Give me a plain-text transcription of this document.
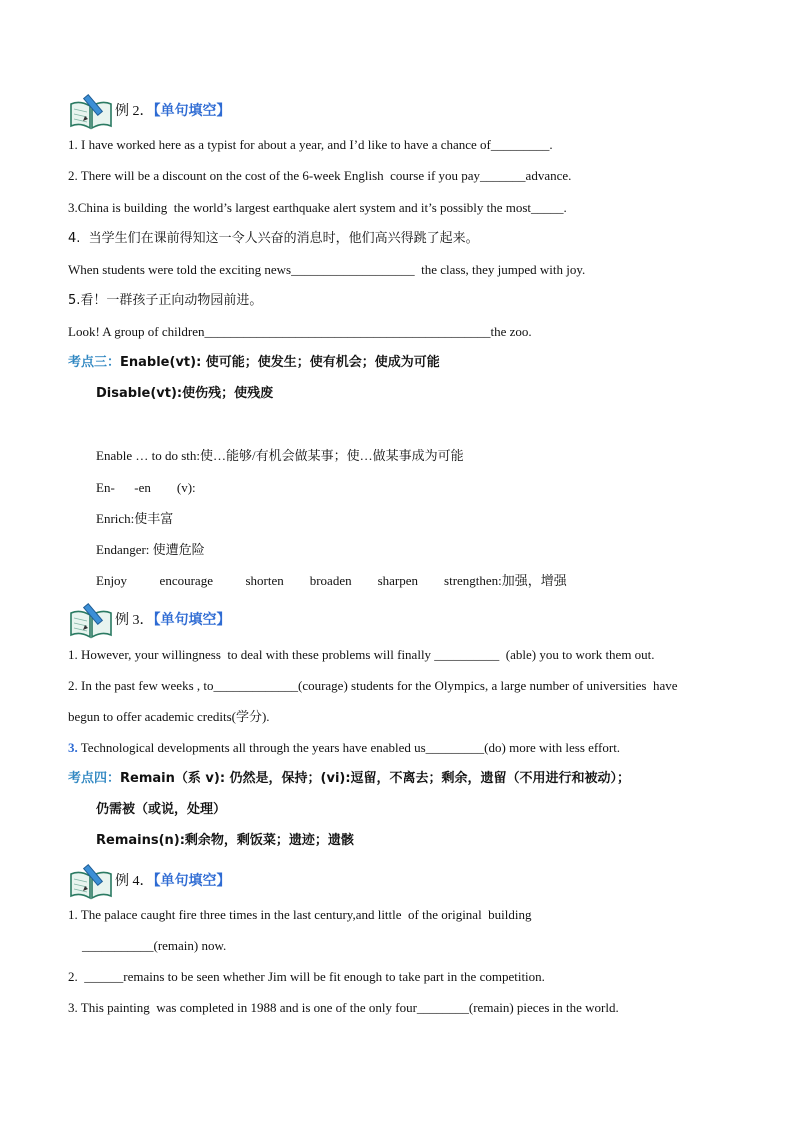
例 2．【单句填空】
1. I have worked here as a typist for about a year, and I’d like to have a chance of_________.
2. There will be a discount on the cost of the 6-week English  course if you pay_______advance.
3.China is building  the world’s largest earthquake alert system and it’s possibly the most_____.
4.  当学生们在课前得知这一令人兴奋的消息时，他们高兴得跳了起来。
When students were told the exciting news___________________  the class, they jumped with joy.
5.看！一群孩子正向动物园前进。
Look! A group of children____________________________________________the zoo.
考点三：Enable(vt): 使可能；使发生；使有机会；使成为可能
Disable(vt):使伤残；使残废
Enable … to do sth:使…能够/有机会做某事；使…做某事成为可能
En-      -en        (v):
Enrich:使丰富
Endanger: 使遭危险
Enjoy          encourage          shorten        broaden        sharpen        strengthen:加强，增强
例 3．【单句填空】
1. However, your willingness  to deal with these problems will finally __________  (able) you to work them out.
2. In the past few weeks , to_____________(courage) students for the Olympics, a large number of universities  have
begun to offer academic credits(学分).
3. Technological developments all through the years have enabled us_________(do) more with less effort.
考点四：Remain（系 v): 仍然是，保持；(vi):逗留，不离去；剩余，遗留（不用进行和被动）；
仍需被（或说，处理）
Remains(n):剩余物，剩饭菜；遗迹；遗骸
例 4．【单句填空】
1. The palace caught fire three times in the last century,and little  of the original  building
___________(remain) now.
2.  ______remains to be seen whether Jim will be fit enough to take part in the competition.
3. This painting  was completed in 1988 and is one of the only four________(remain) pieces in the world.
